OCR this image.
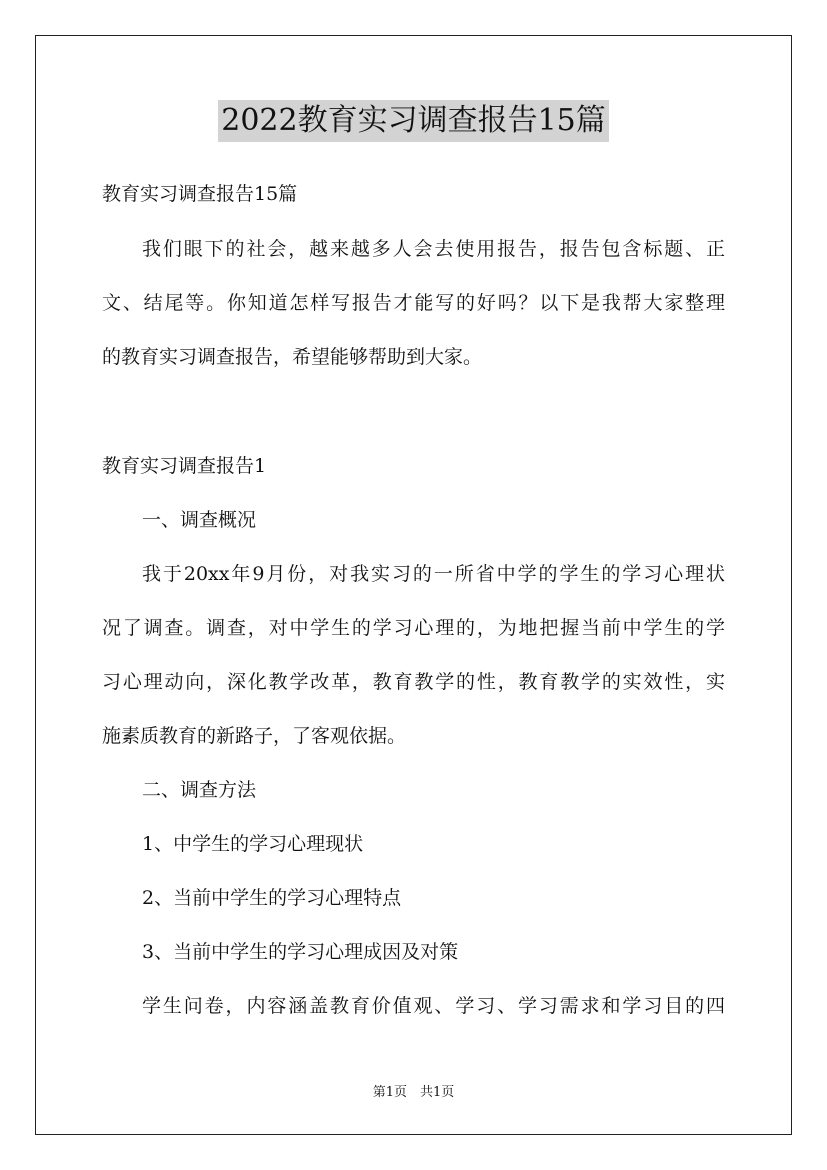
2022教育实习调查报告15篇
教育实习调查报告15篇
我们眼下的社会，越来越多人会去使用报告，报告包含标题、正
文、结尾等。你知道怎样写报告才能写的好吗？以下是我帮大家整理
的教育实习调查报告，希望能够帮助到大家。
教育实习调查报告1
一、调查概况
我于20xx年9月份，对我实习的一所省中学的学生的学习心理状
况了调查。调查，对中学生的学习心理的，为地把握当前中学生的学
习心理动向，深化教学改革，教育教学的性，教育教学的实效性，实
施素质教育的新路子，了客观依据。
二、调查方法
1、中学生的学习心理现状
2、当前中学生的学习心理特点
3、当前中学生的学习心理成因及对策
学生问卷，内容涵盖教育价值观、学习、学习需求和学习目的四
第1页　共1页
